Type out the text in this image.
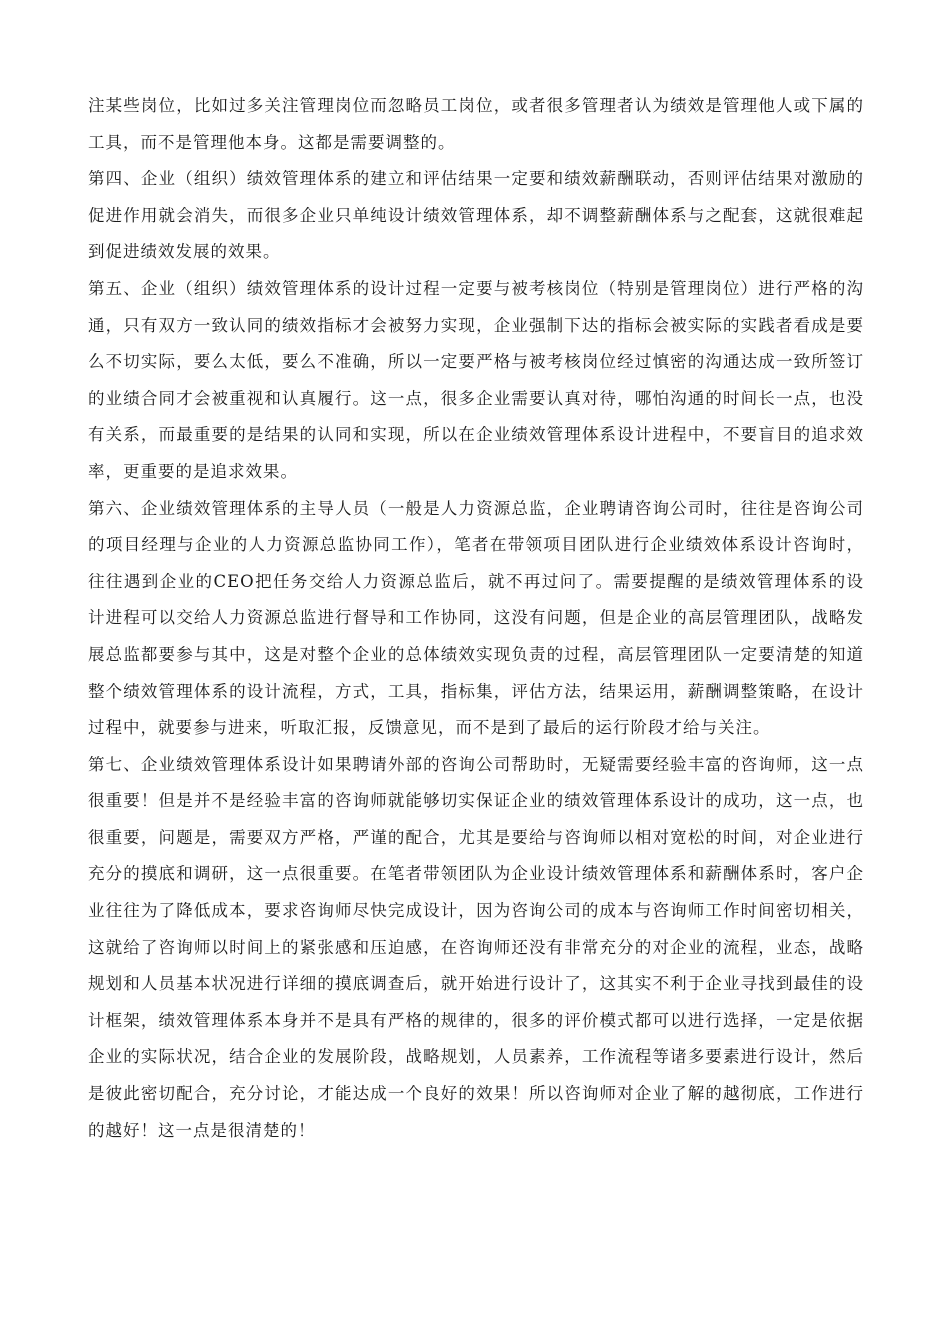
注某些岗位，比如过多关注管理岗位而忽略员工岗位，或者很多管理者认为绩效是管理他人或下属的工具，而不是管理他本身。这都是需要调整的。

第四、企业（组织）绩效管理体系的建立和评估结果一定要和绩效薪酬联动，否则评估结果对激励的促进作用就会消失，而很多企业只单纯设计绩效管理体系，却不调整薪酬体系与之配套，这就很难起到促进绩效发展的效果。

第五、企业（组织）绩效管理体系的设计过程一定要与被考核岗位（特别是管理岗位）进行严格的沟通，只有双方一致认同的绩效指标才会被努力实现，企业强制下达的指标会被实际的实践者看成是要么不切实际，要么太低，要么不准确，所以一定要严格与被考核岗位经过慎密的沟通达成一致所签订的业绩合同才会被重视和认真履行。这一点，很多企业需要认真对待，哪怕沟通的时间长一点，也没有关系，而最重要的是结果的认同和实现，所以在企业绩效管理体系设计进程中，不要盲目的追求效率，更重要的是追求效果。

第六、企业绩效管理体系的主导人员（一般是人力资源总监，企业聘请咨询公司时，往往是咨询公司的项目经理与企业的人力资源总监协同工作），笔者在带领项目团队进行企业绩效体系设计咨询时，往往遇到企业的CEO把任务交给人力资源总监后，就不再过问了。需要提醒的是绩效管理体系的设计进程可以交给人力资源总监进行督导和工作协同，这没有问题，但是企业的高层管理团队，战略发展总监都要参与其中，这是对整个企业的总体绩效实现负责的过程，高层管理团队一定要清楚的知道整个绩效管理体系的设计流程，方式，工具，指标集，评估方法，结果运用，薪酬调整策略，在设计过程中，就要参与进来，听取汇报，反馈意见，而不是到了最后的运行阶段才给与关注。

第七、企业绩效管理体系设计如果聘请外部的咨询公司帮助时，无疑需要经验丰富的咨询师，这一点很重要！但是并不是经验丰富的咨询师就能够切实保证企业的绩效管理体系设计的成功，这一点，也很重要，问题是，需要双方严格，严谨的配合，尤其是要给与咨询师以相对宽松的时间，对企业进行充分的摸底和调研，这一点很重要。在笔者带领团队为企业设计绩效管理体系和薪酬体系时，客户企业往往为了降低成本，要求咨询师尽快完成设计，因为咨询公司的成本与咨询师工作时间密切相关，这就给了咨询师以时间上的紧张感和压迫感，在咨询师还没有非常充分的对企业的流程，业态，战略规划和人员基本状况进行详细的摸底调查后，就开始进行设计了，这其实不利于企业寻找到最佳的设计框架，绩效管理体系本身并不是具有严格的规律的，很多的评价模式都可以进行选择，一定是依据企业的实际状况，结合企业的发展阶段，战略规划，人员素养，工作流程等诸多要素进行设计，然后是彼此密切配合，充分讨论，才能达成一个良好的效果！所以咨询师对企业了解的越彻底，工作进行的越好！这一点是很清楚的！
